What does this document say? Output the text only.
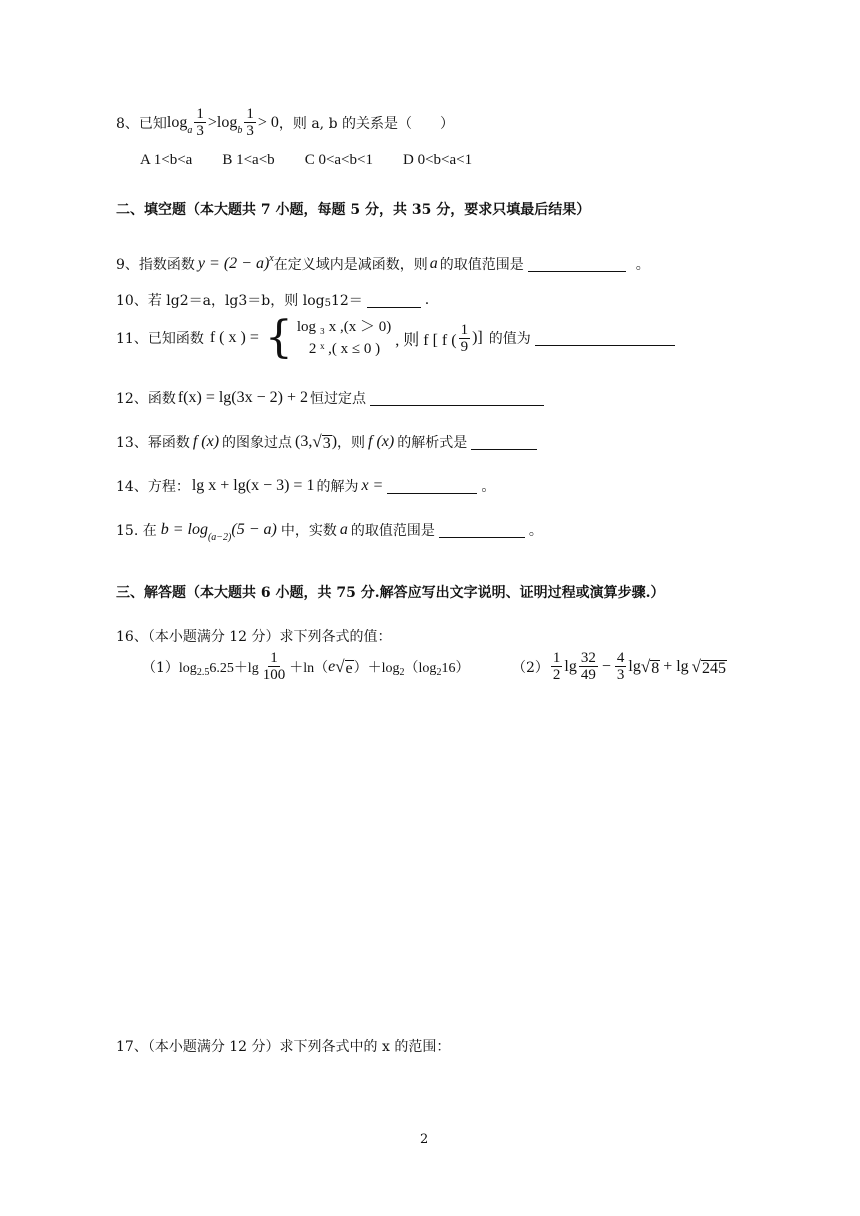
8、已知 $\log_a \frac{1}{3} > \log_b \frac{1}{3} > 0$ ，则 a, b 的关系是（　　）
A 1<b<a B 1<a<b C 0<a<b<1 D 0<b<a<1
二、填空题（本大题共 7 小题，每题 5 分，共 35 分，要求只填最后结果）
9、指数函数 $y = (2 - a)^x$ 在定义域内是减函数，则 a 的取值范围是	。
10、若 lg2＝a，lg3＝b，则 log 5 12＝	.
11、已知函数 f ( x ) = { log ₃ x ,(x ＞ 0)
2 ˣ ,( x ≤ 0 )
, 则 f [ f ( $\frac{1}{9}$ )] 的值为
12、函数 f(x) = lg(3x − 2) + 2 恒过定点
13、幂函数 f (x) 的图象过点 (3, √ 3 ) ，则 f (x) 的解析式是
14、方程： lg x + lg(x − 3) = 1 的解为 x =	。
15. 在 $b = \log_{(a-2)}(5 - a)$ 中，实数 a 的取值范围是	。
三、解答题（本大题共 6 小题，共 75 分.解答应写出文字说明、证明过程或演算步骤.）
16、（本小题满分 12 分）求下列各式的值：
（1） $\log_{2.5}6.25+\lg \frac{1}{100} +\ln$（ e √ e ）$+\log_2(\log_216)$	$(2) \frac{1}{2}$ $\lg \frac{32}{49} - \frac{4}{3}$ lg √ 8 + lg √ 245
17、（本小题满分 12 分）求下列各式中的 x 的范围：
2
